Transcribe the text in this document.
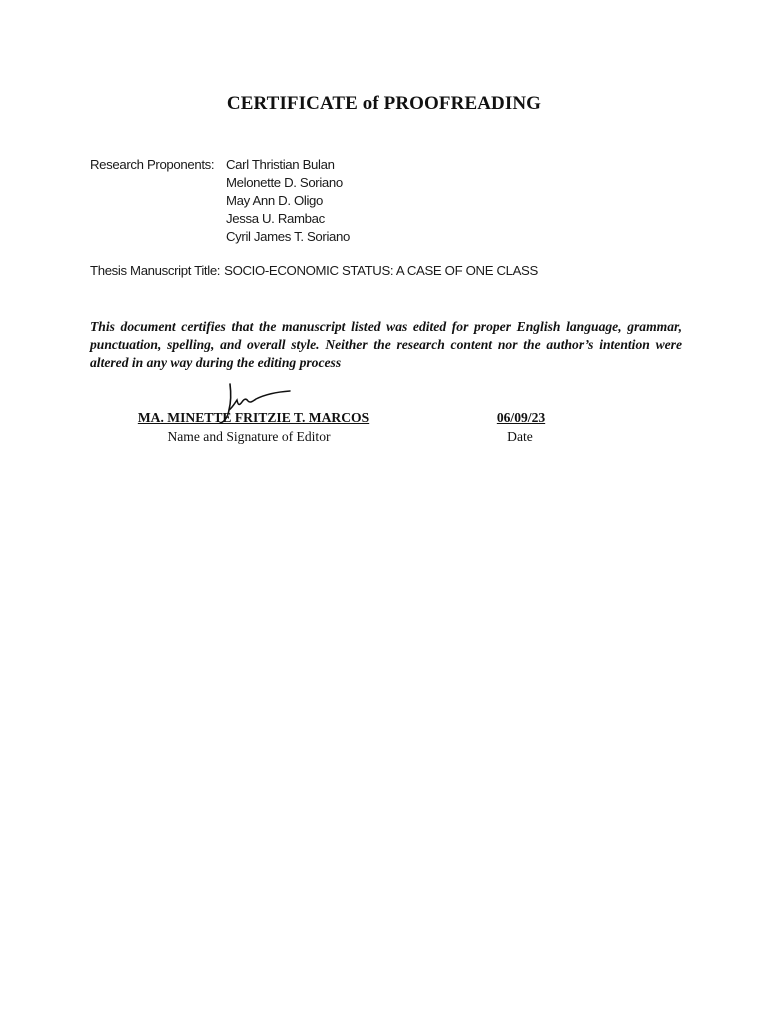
CERTIFICATE of PROOFREADING
Research Proponents: Carl Thristian Bulan
Melonette D. Soriano
May Ann D. Oligo
Jessa U. Rambac
Cyril James T. Soriano
Thesis Manuscript Title: SOCIO-ECONOMIC STATUS: A CASE OF ONE CLASS
This document certifies that the manuscript listed was edited for proper English language, grammar, punctuation, spelling, and overall style. Neither the research content nor the author’s intention were altered in any way during the editing process
MA. MINETTE FRITZIE T. MARCOS
Name and Signature of Editor
06/09/23
Date
